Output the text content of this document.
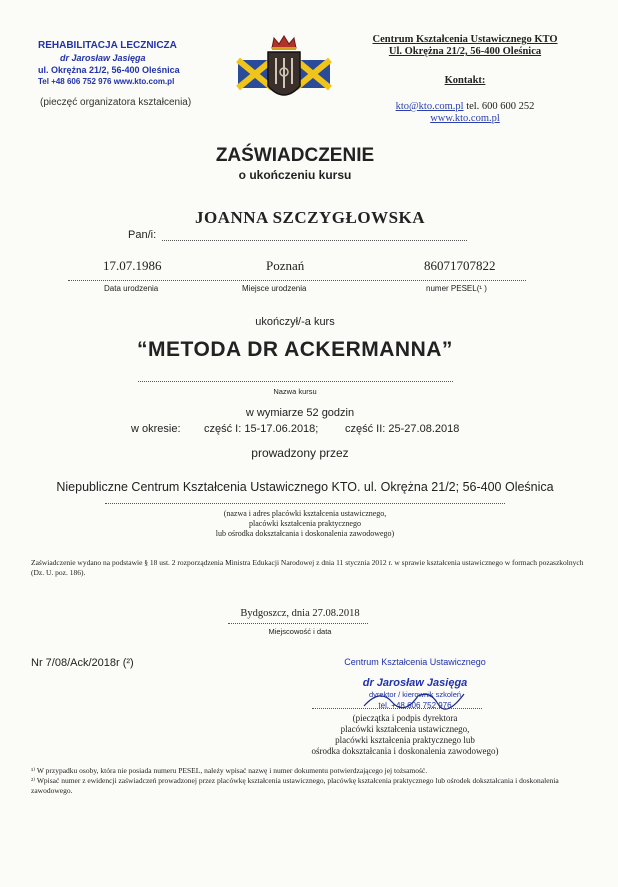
REHABILITACJA LECZNICZA
dr Jarosław Jasięga
ul. Okrężna 21/2, 56-400 Oleśnica
Tel +48 606 752 976 www.kto.com.pl
(pieczęć organizatora kształcenia)
Centrum Kształcenia Ustawicznego KTO
Ul. Okrężna 21/2, 56-400 Oleśnica
Kontakt:
kto@kto.com.pl tel. 600 600 252
www.kto.com.pl
ZAŚWIADCZENIE
o ukończeniu kursu
JOANNA SZCZYGŁOWSKA
Pan/i:
17.07.1986	Poznań	86071707822
Data urodzenia	Miejsce urodzenia	numer PESEL(¹ )
ukończył/-a kurs
“METODA DR ACKERMANNA”
Nazwa kursu
w wymiarze 52 godzin
w okresie: część I: 15-17.06.2018; część II: 25-27.08.2018
prowadzony przez
Niepubliczne Centrum Kształcenia Ustawicznego KTO. ul. Okrężna 21/2; 56-400 Oleśnica
(nazwa i adres placówki kształcenia ustawicznego,
placówki kształcenia praktycznego
lub ośrodka dokształcania i doskonalenia zawodowego)
Zaświadczenie wydano na podstawie § 18 ust. 2 rozporządzenia Ministra Edukacji Narodowej z dnia 11 stycznia 2012 r. w sprawie kształcenia ustawicznego w formach pozaszkolnych (Dz. U. poz. 186).
Bydgoszcz, dnia 27.08.2018
Miejscowość i data
Nr 7/08/Ack/2018r (²)	Centrum Kształcenia Ustawicznego
dr Jarosław Jasięga
dyrektor / kierownik szkoleń
tel. +48 606 752 976
(pieczątka i podpis dyrektora
placówki kształcenia ustawicznego,
placówki kształcenia praktycznego lub
ośrodka dokształcania i doskonalenia zawodowego)
¹⁾ W przypadku osoby, która nie posiada numeru PESEL, należy wpisać nazwę i numer dokumentu potwierdzającego jej tożsamość.
²⁾ Wpisać numer z ewidencji zaświadczeń prowadzonej przez placówkę kształcenia ustawicznego, placówkę kształcenia praktycznego lub ośrodek dokształcania i doskonalenia zawodowego.
